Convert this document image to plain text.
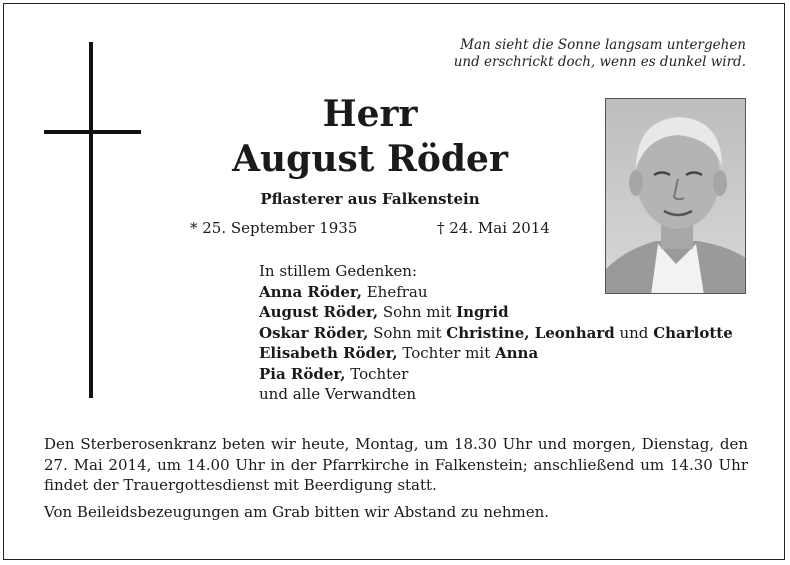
Man sieht die Sonne langsam untergehen
und erschrickt doch, wenn es dunkel wird.
Herr
August Röder
Pflasterer aus Falkenstein
* 25. September 1935	† 24. Mai 2014
In stillem Gedenken:
Anna Röder, Ehefrau
August Röder, Sohn mit Ingrid
Oskar Röder, Sohn mit Christine, Leonhard und Charlotte
Elisabeth Röder, Tochter mit Anna
Pia Röder, Tochter
und alle Verwandten

Den Sterberosenkranz beten wir heute, Montag, um 18.30 Uhr und morgen, Dienstag, den 27. Mai 2014, um 14.00 Uhr in der Pfarrkirche in Falkenstein; anschließend um 14.30 Uhr findet der Trauergottesdienst mit Beerdigung statt.

Von Beileidsbezeugungen am Grab bitten wir Abstand zu nehmen.
